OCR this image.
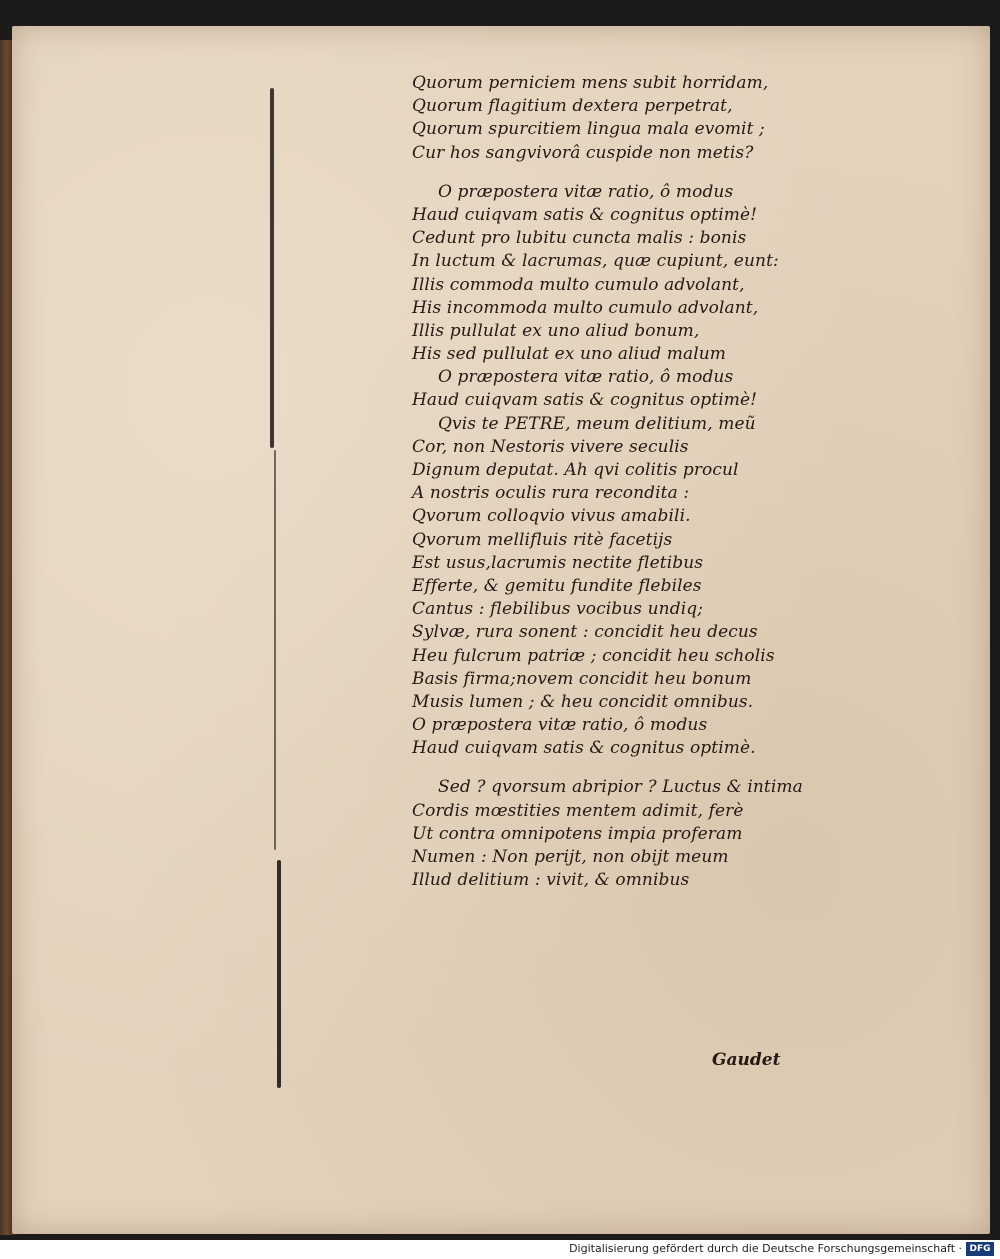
Quorum perniciem mens subit horridam,
Quorum flagitium dextera perpetrat,
Quorum spurcitiem lingua mala evomit ;
Cur hos sangvivorâ cuspide non metis?
O præpostera vitæ ratio, ô modus
Haud cuiqvam satis & cognitus optimè!
Cedunt pro lubitu cuncta malis : bonis
In luctum & lacrumas, quæ cupiunt, eunt:
Illis commoda multo cumulo advolant,
His incommoda multo cumulo advolant,
Illis pullulat ex uno aliud bonum,
His sed pullulat ex uno aliud malum
O præpostera vitæ ratio, ô modus
Haud cuiqvam satis & cognitus optimè!
Qvis te PETRE, meum delitium, meũ
Cor, non Nestoris vivere seculis
Dignum deputat. Ah qvi colitis procul
A nostris oculis rura recondita :
Qvorum colloqvio vivus amabili.
Qvorum mellifluis ritè facetijs
Est usus,lacrumis nectite fletibus
Efferte, & gemitu fundite flebiles
Cantus : flebilibus vocibus undiq;
Sylvæ, rura sonent : concidit heu decus
Heu fulcrum patriæ ; concidit heu scholis
Basis firma;novem concidit heu bonum
Musis lumen ; & heu concidit omnibus.
O præpostera vitæ ratio, ô modus
Haud cuiqvam satis & cognitus optimè.
Sed ? qvorsum abripior ? Luctus & intima
Cordis mœstities mentem adimit, ferè
Ut contra omnipotens impia proferam
Numen : Non perijt, non obijt meum
Illud delitium : vivit, & omnibus
Gaudet
Digitalisierung gefördert durch die Deutsche Forschungsgemeinschaft · DFG
